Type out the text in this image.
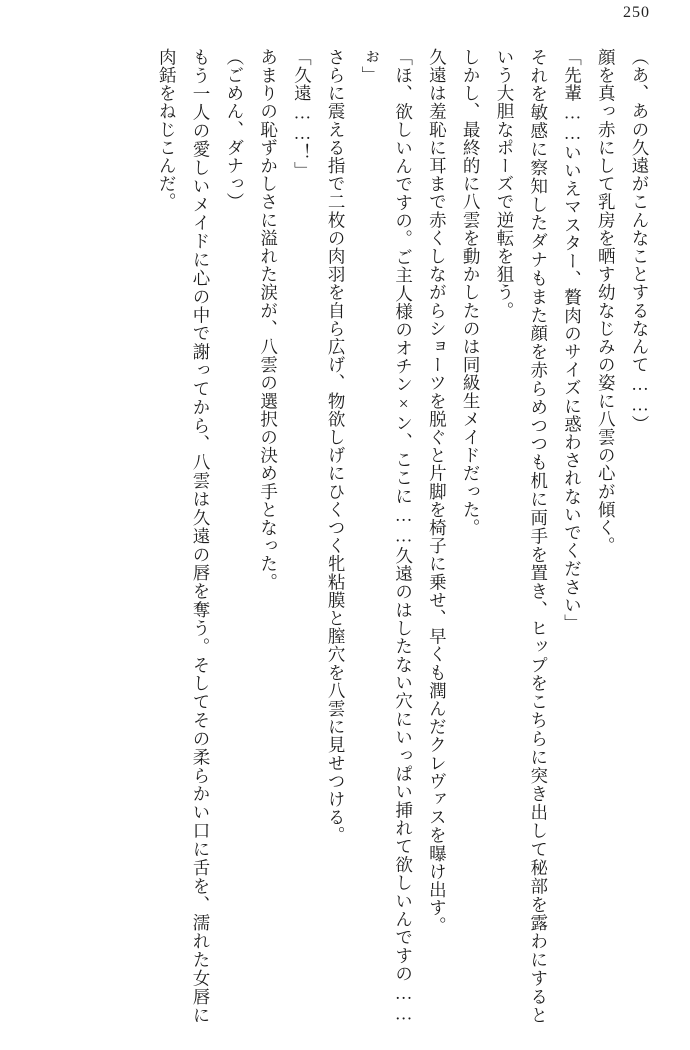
250
（あ、あの久遠がこんなことするなんて……）
顔を真っ赤にして乳房を晒す幼なじみの姿に八雲の心が傾く。
「先輩……いいえマスター、贅肉のサイズに惑わされないでください」
それを敏感に察知したダナもまた顔を赤らめつつも机に両手を置き、ヒップをこちらに突き出して秘部を露わにするという大胆なポーズで逆転を狙う。
しかし、最終的に八雲を動かしたのは同級生メイドだった。
久遠は羞恥に耳まで赤くしながらショーツを脱ぐと片脚を椅子に乗せ、早くも潤んだクレヴァスを曝け出す。
「ほ、欲しいんですの。ご主人様のオチン×ン、ここに……久遠のはしたない穴にいっぱい挿れて欲しいんですの……ぉ」
さらに震える指で二枚の肉羽を自ら広げ、物欲しげにひくつく牝粘膜と膣穴を八雲に見せつける。
「久遠……！」
あまりの恥ずかしさに溢れた涙が、八雲の選択の決め手となった。
（ごめん、ダナっ）
もう一人の愛しいメイドに心の中で謝ってから、八雲は久遠の唇を奪う。そしてその柔らかい口に舌を、濡れた女唇に肉銛をねじこんだ。
